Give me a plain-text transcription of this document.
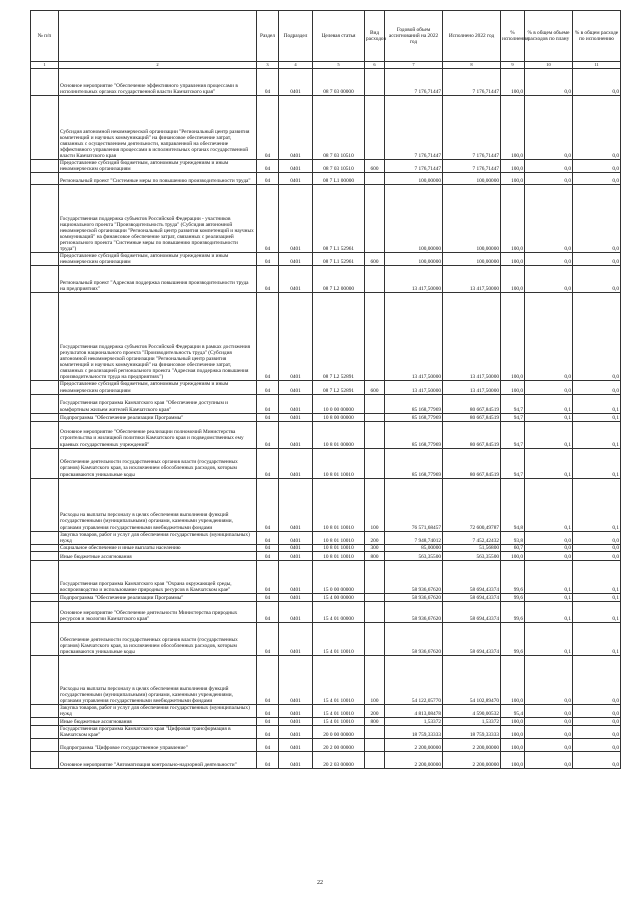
№ п/п		Раздел	Подраздел	Целевая статья	Вид расходов	Годовой объем ассигнований на 2022 год	Исполнено 2022 год	% исполнения	% в общем объеме расходов по плану	% в общем расходе по исполнению
1	2	3	4	5	6	7	8	9	10	11
	Основное мероприятие "Обеспечение эффективного управления процессами в исполнительных органах государственной власти Камчатского края"	04	0401	08 7 03 00000		7 176,71447	7 176,71447	100,0	0,0	0,0
	Субсидия автономной некоммерческой организации "Региональный центр развития компетенций и научных коммуникаций" на финансовое обеспечение затрат, связанных с осуществлением деятельности, направленной на обеспечение эффективного управления процессами в исполнительных органах государственной власти Камчатского края	04	0401	08 7 03 10510		7 176,71447	7 176,71447	100,0	0,0	0,0
	Предоставление субсидий бюджетным, автономным учреждениям и иным некоммерческим организациям	04	0401	08 7 03 10510	600	7 176,71447	7 176,71447	100,0	0,0	0,0
	Региональный проект "Системные меры по повышению производительности труда"	04	0401	08 7 L1 00000		100,00000	100,00000	100,0	0,0	0,0
	Государственная поддержка субъектов Российской Федерации - участников национального проекта "Производительность труда" (Субсидия автономной некоммерческой организации "Региональный центр развития компетенций и научных коммуникаций" на финансовое обеспечение затрат, связанных с реализацией регионального проекта "Системные меры по повышению производительности труда")	04	0401	08 7 L1 52961		100,00000	100,00000	100,0	0,0	0,0
	Предоставление субсидий бюджетным, автономным учреждениям и иным некоммерческим организациям	04	0401	08 7 L1 52961	600	100,00000	100,00000	100,0	0,0	0,0
	Региональный проект "Адресная поддержка повышения производительности труда на предприятиях"	04	0401	08 7 L2 00000		13 417,50000	13 417,50000	100,0	0,0	0,0
	Государственная поддержка субъектов Российской Федерации в рамках достижения результатов национального проекта "Производительность труда" (Субсидия автономной некоммерческой организации "Региональный центр развития компетенций и научных коммуникаций" на финансовое обеспечение затрат, связанных с реализацией регионального проекта "Адресная поддержка повышения производительности труда на предприятиях")	04	0401	08 7 L2 52891		13 417,50000	13 417,50000	100,0	0,0	0,0
	Предоставление субсидий бюджетным, автономным учреждениям и иным некоммерческим организациям	04	0401	08 7 L2 52891	600	13 417,50000	13 417,50000	100,0	0,0	0,0
	Государственная программа Камчатского края "Обеспечение доступным и комфортным жильем жителей Камчатского края"	04	0401	10 0 00 00000		85 168,77969	80 667,84519	94,7	0,1	0,1
	Подпрограмма "Обеспечение реализации Программы"	04	0401	10 8 00 00000		85 168,77969	80 667,84519	94,7	0,1	0,1
	Основное мероприятие "Обеспечение реализации полномочий Министерства строительства и жилищной политики Камчатского края и подведомственных ему краевых государственных учреждений"	04	0401	10 8 01 00000		85 168,77969	80 667,84519	94,7	0,1	0,1
	Обеспечение деятельности государственных органов власти (государственных органов) Камчатского края, за исключением обособленных расходов, которым присваиваются уникальные коды	04	0401	10 8 01 10010		85 168,77969	80 667,84519	94,7	0,1	0,1
	Расходы на выплаты персоналу в целях обеспечения выполнения функций государственными (муниципальными) органами, казенными учреждениями, органами управления государственными внебюджетными фондами	04	0401	10 8 01 10010	100	76 571,68457	72 600,49787	94,8	0,1	0,1
	Закупка товаров, работ и услуг для обеспечения государственных (муниципальных) нужд	04	0401	10 8 01 10010	200	7 948,74012	7 452,42432	93,8	0,0	0,0
	Социальное обеспечение и иные выплаты населению	04	0401	10 8 01 10010	300	85,00000	51,56800	60,7	0,0	0,0
	Иные бюджетные ассигнования	04	0401	10 8 01 10010	800	563,35500	563,35500	100,0	0,0	0,0
	Государственная программа Камчатского края "Охрана окружающей среды, воспроизводство и использование природных ресурсов в Камчатском крае"	04	0401	15 0 00 00000		58 936,67620	58 694,43374	99,6	0,1	0,1
	Подпрограмма "Обеспечение реализации Программы"	04	0401	15 4 00 00000		58 936,67620	58 694,43374	99,6	0,1	0,1
	Основное мероприятие "Обеспечение деятельности Министерства природных ресурсов и экологии Камчатского края"	04	0401	15 4 01 00000		58 936,67620	58 694,43374	99,6	0,1	0,1
	Обеспечение деятельности государственных органов власти (государственных органов) Камчатского края, за исключением обособленных расходов, которым присваиваются уникальные коды	04	0401	15 4 01 10010		58 936,67620	58 694,43374	99,6	0,1	0,1
	Расходы на выплаты персоналу в целях обеспечения выполнения функций государственными (муниципальными) органами, казенными учреждениями, органами управления государственными внебюджетными фондами	04	0401	15 4 01 10010	100	54 122,05770	54 102,89470	100,0	0,0	0,0
	Закупка товаров, работ и услуг для обеспечения государственных (муниципальных) нужд	04	0401	15 4 01 10010	200	4 813,08478	4 590,00532	95,4	0,0	0,0
	Иные бюджетные ассигнования	04	0401	15 4 01 10010	800	1,53372	1,53372	100,0	0,0	0,0
	Государственная программа Камчатского края "Цифровая трансформация в Камчатском крае"	04	0401	20 0 00 00000		18 759,33333	18 759,33333	100,0	0,0	0,0
	Подпрограмма "Цифровое государственное управление"	04	0401	20 2 00 00000		2 200,00000	2 200,00000	100,0	0,0	0,0
	Основное мероприятие "Автоматизация контрольно-надзорной деятельности"	04	0401	20 2 03 00000		2 200,00000	2 200,00000	100,0	0,0	0,0
22
